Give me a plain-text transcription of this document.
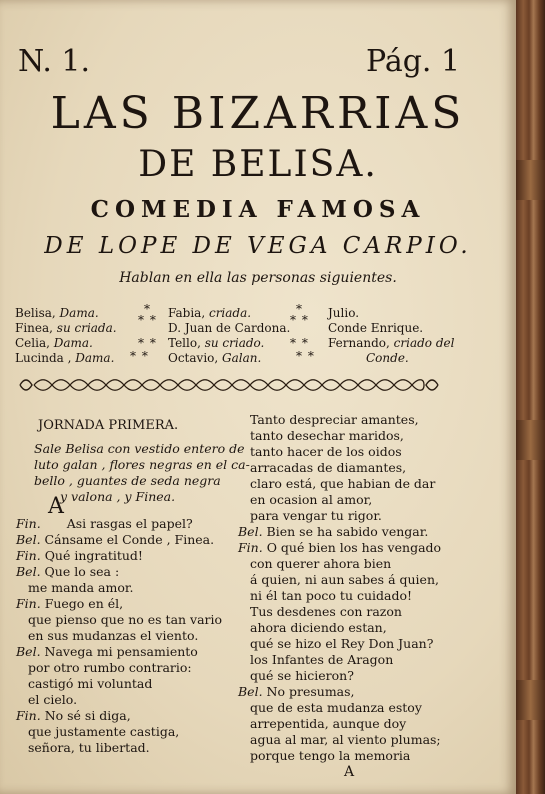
N. 1.	Pág. 1
LAS BIZARRIAS
DE BELISA.
COMEDIA FAMOSA
DE LOPE DE VEGA CARPIO.
Hablan en ella las personas siguientes.
Belisa, Dama.
Finea, su criada.
Celia, Dama.
Lucinda , Dama.
* *
*
* *
* *
Fabia, criada.
D. Juan de Cardona.
Tello, su criado.
Octavio, Galan.
* *
*
* *
* *
Julio.
Conde Enrique.
Fernando, criado del
Conde.
JORNADA PRIMERA.
Sale Belisa con vestido entero de
luto galan , flores negras en el ca-
bello , guantes de seda negra
y valona , y Finea.
A
Fin. Asi rasgas el papel?
Bel. Cánsame el Conde , Finea.
Fin. Qué ingratitud!
Bel. Que lo sea :
me manda amor.
Fin. Fuego en él,
que pienso que no es tan vario
en sus mudanzas el viento.
Bel. Navega mi pensamiento
por otro rumbo contrario:
castigó mi voluntad
el cielo.
Fin. No sé si diga,
que justamente castiga,
señora, tu libertad.
Tanto despreciar amantes,
tanto desechar maridos,
tanto hacer de los oidos
arracadas de diamantes,
claro está, que habian de dar
en ocasion al amor,
para vengar tu rigor.
Bel. Bien se ha sabido vengar.
Fin. O qué bien los has vengado
con querer ahora bien
á quien, ni aun sabes á quien,
ni él tan poco tu cuidado!
Tus desdenes con razon
ahora diciendo estan,
qué se hizo el Rey Don Juan?
los Infantes de Aragon
qué se hicieron?
Bel. No presumas,
que de esta mudanza estoy
arrepentida, aunque doy
agua al mar, al viento plumas;
porque tengo la memoria
A
